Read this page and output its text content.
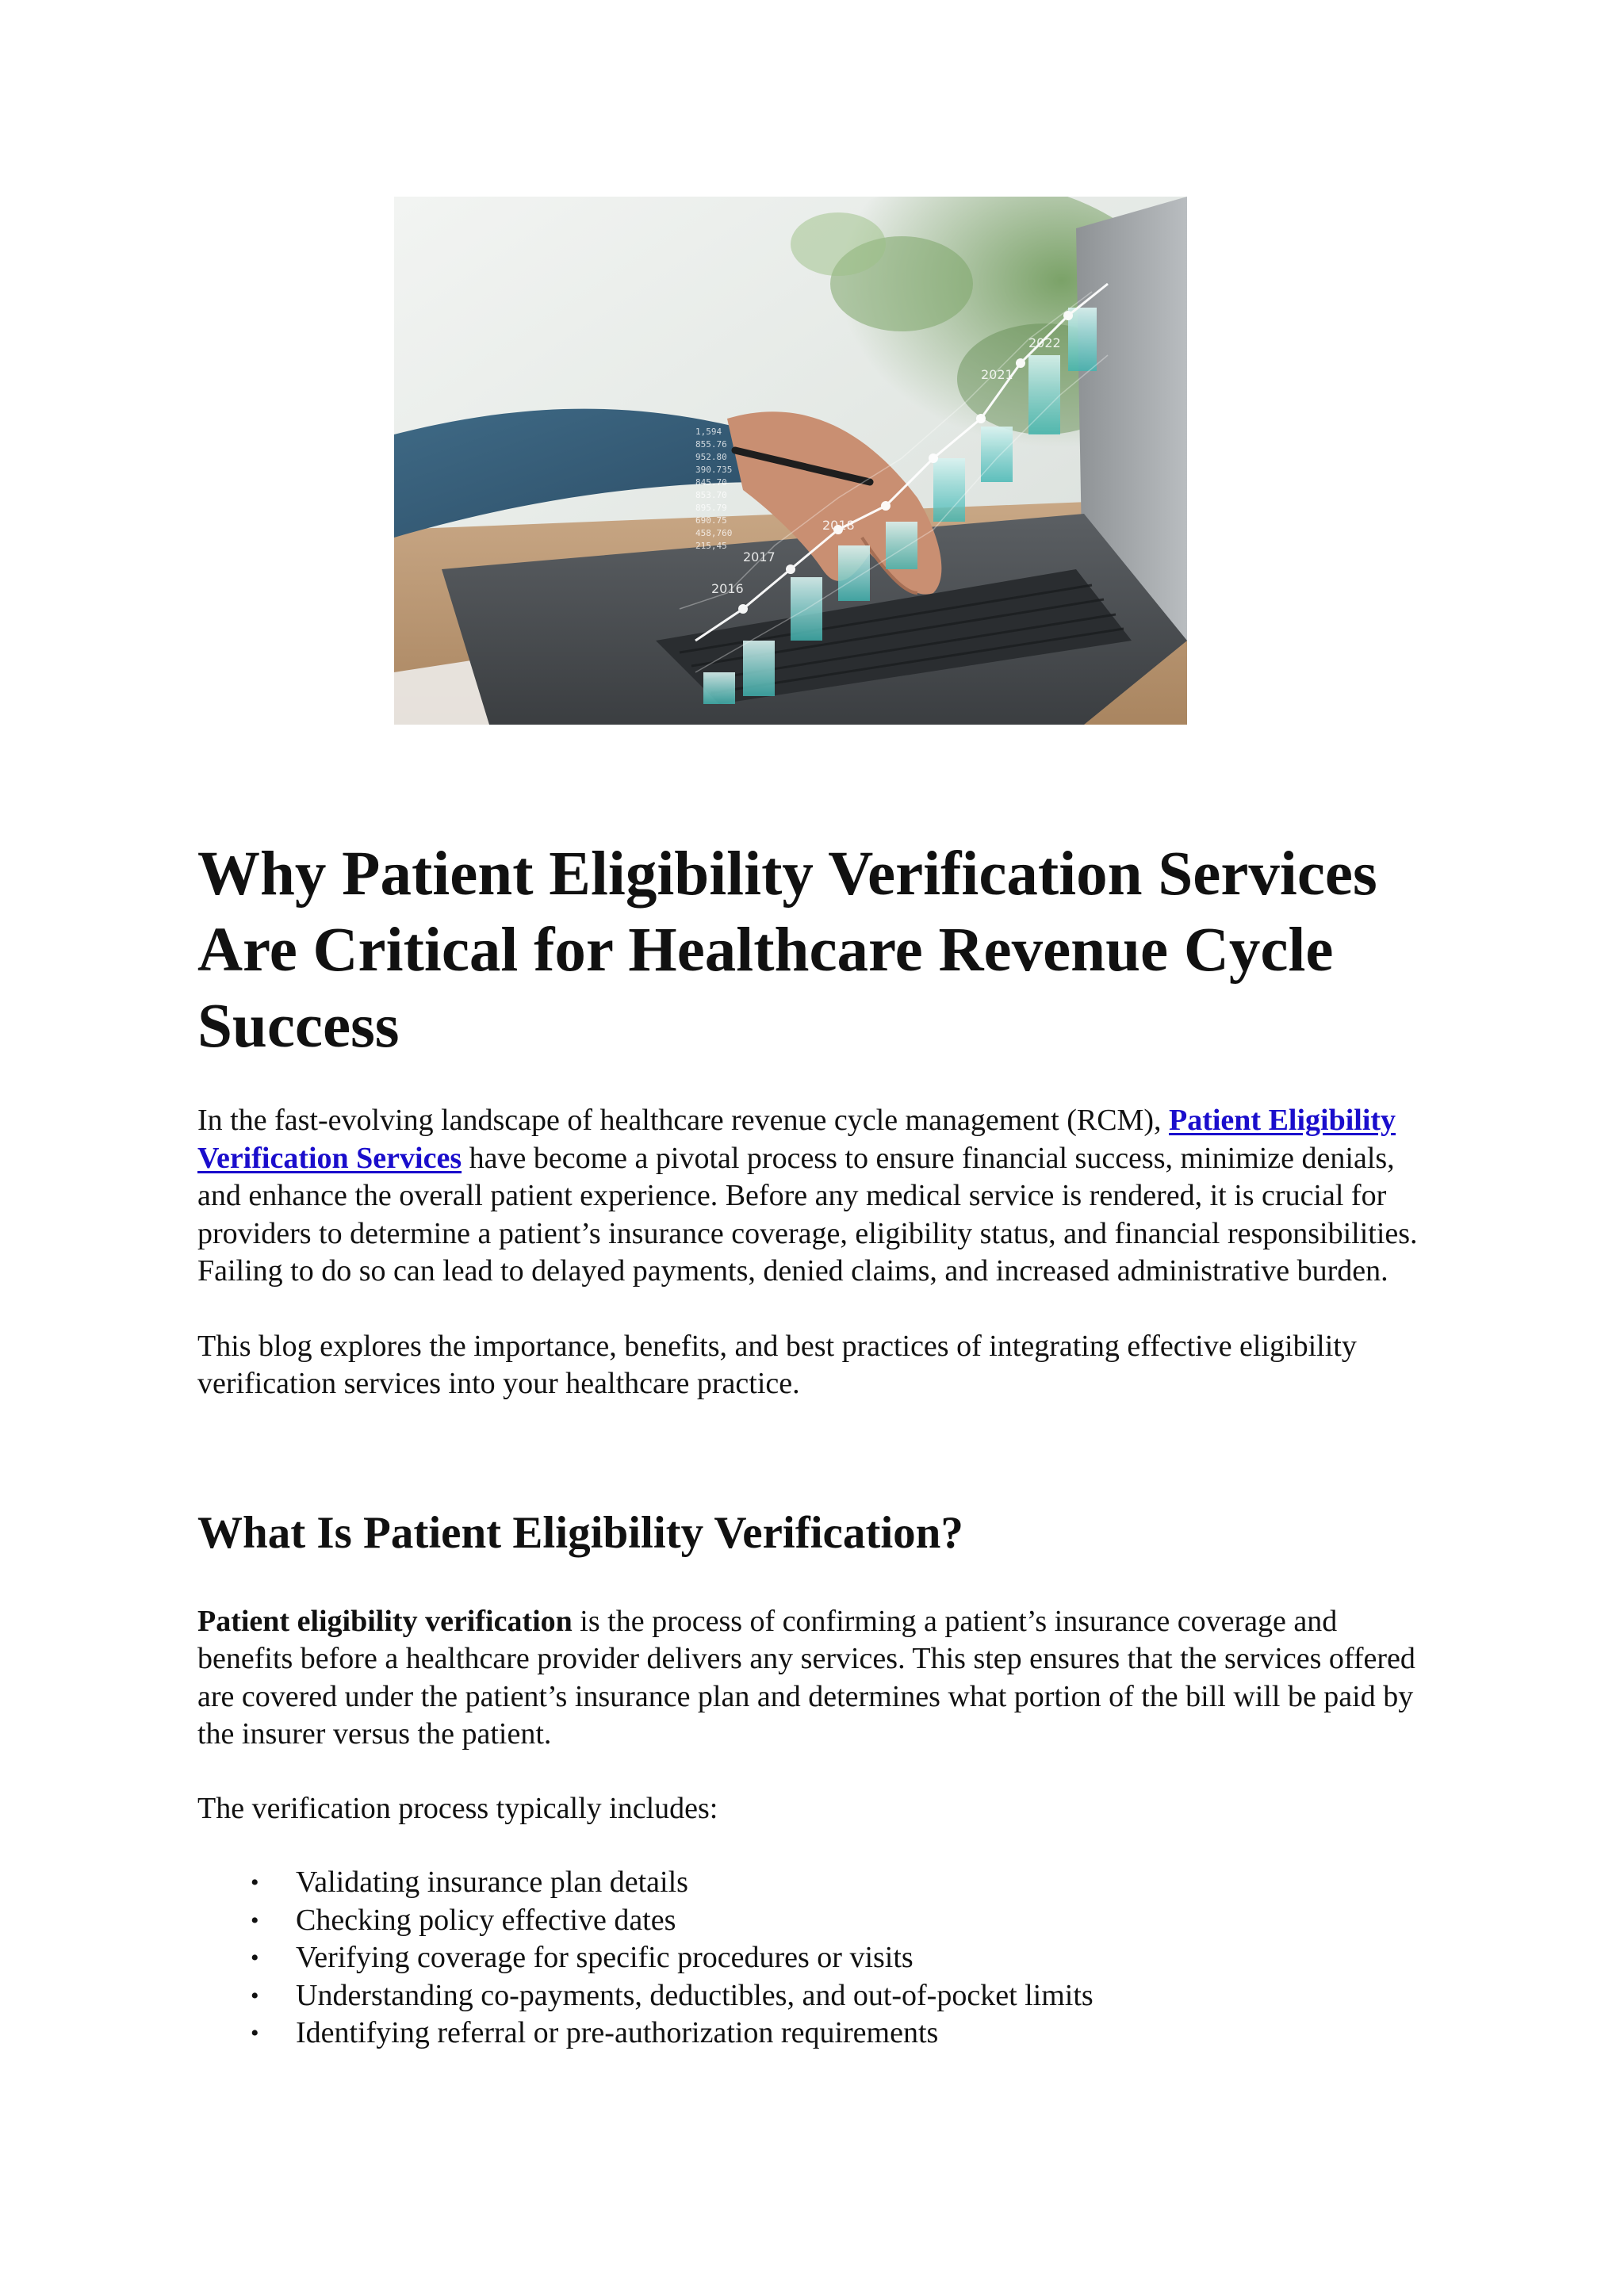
2016
2017
2018
2021
2022
1,594
855.76
952.80
390.735
845.70
853.70
895.79
690.75
458,760
215,45
Why Patient Eligibility Verification Services Are Critical for Healthcare Revenue Cycle Success

In the fast-evolving landscape of healthcare revenue cycle management (RCM), Patient Eligibility Verification Services have become a pivotal process to ensure financial success, minimize denials, and enhance the overall patient experience. Before any medical service is rendered, it is crucial for providers to determine a patient’s insurance coverage, eligibility status, and financial responsibilities. Failing to do so can lead to delayed payments, denied claims, and increased administrative burden.

This blog explores the importance, benefits, and best practices of integrating effective eligibility verification services into your healthcare practice.

What Is Patient Eligibility Verification?

Patient eligibility verification is the process of confirming a patient’s insurance coverage and benefits before a healthcare provider delivers any services. This step ensures that the services offered are covered under the patient’s insurance plan and determines what portion of the bill will be paid by the insurer versus the patient.

The verification process typically includes:

• Validating insurance plan details
• Checking policy effective dates
• Verifying coverage for specific procedures or visits
• Understanding co-payments, deductibles, and out-of-pocket limits
• Identifying referral or pre-authorization requirements
